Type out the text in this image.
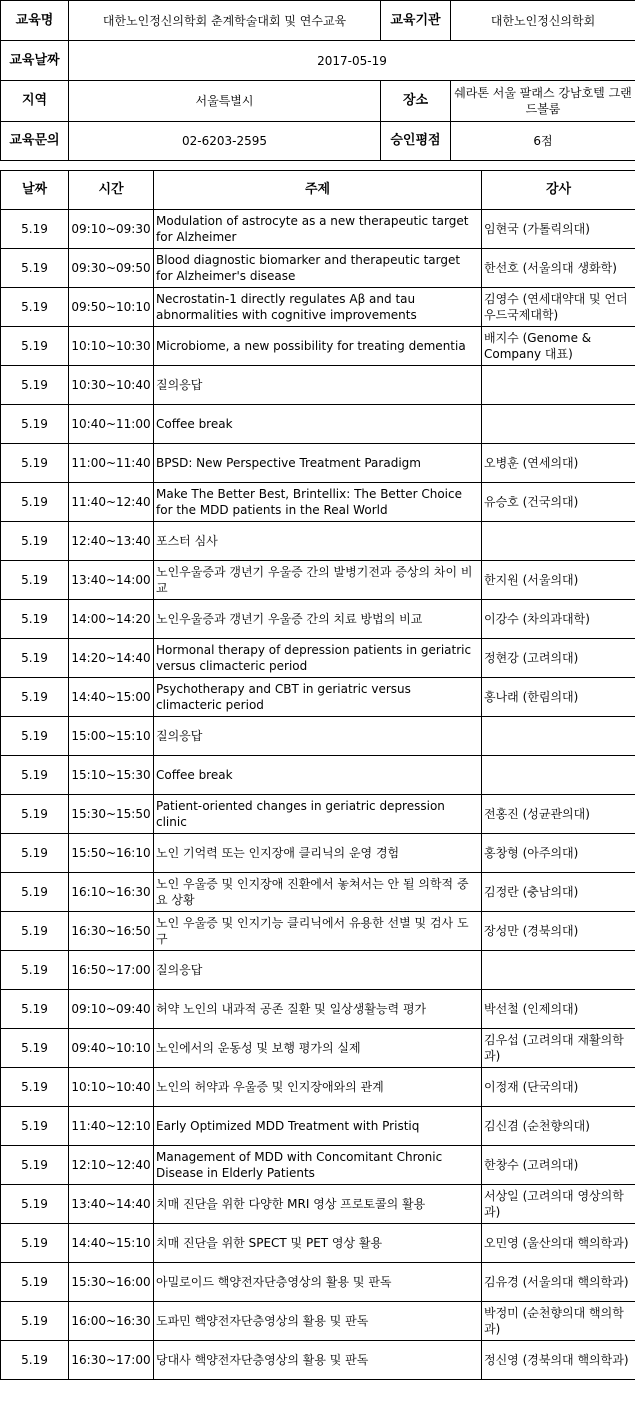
교육명	대한노인정신의학회 춘계학술대회 및 연수교육	교육기관	대한노인정신의학회
교육날짜	2017-05-19		
지역	서울특별시	장소	쉐라톤 서울 팔래스 강남호텔 그랜드볼룸
교육문의	02-6203-2595	승인평점	6점
날짜	시간	주제	강사
5.19	09:10~09:30	Modulation of astrocyte as a new therapeutic target for Alzheimer	임현국 (가톨릭의대)
5.19	09:30~09:50	Blood diagnostic biomarker and therapeutic target for Alzheimer's disease	한선호 (서울의대 생화학)
5.19	09:50~10:10	Necrostatin-1 directly regulates Aβ and tau abnormalities with cognitive improvements	김영수 (연세대약대 및 언더우드국제대학)
5.19	10:10~10:30	Microbiome, a new possibility for treating dementia	배지수 (Genome & Company 대표)
5.19	10:30~10:40	질의응답	
5.19	10:40~11:00	Coffee break	
5.19	11:00~11:40	BPSD: New Perspective Treatment Paradigm	오병훈 (연세의대)
5.19	11:40~12:40	Make The Better Best, Brintellix: The Better Choice for the MDD patients in the Real World	유승호 (건국의대)
5.19	12:40~13:40	포스터 심사	
5.19	13:40~14:00	노인우울증과 갱년기 우울증 간의 발병기전과 증상의 차이 비교	한지원 (서울의대)
5.19	14:00~14:20	노인우울증과 갱년기 우울증 간의 치료 방법의 비교	이강수 (차의과대학)
5.19	14:20~14:40	Hormonal therapy of depression patients in geriatric versus climacteric period	정현강 (고려의대)
5.19	14:40~15:00	Psychotherapy and CBT in geriatric versus climacteric period	홍나래 (한림의대)
5.19	15:00~15:10	질의응답	
5.19	15:10~15:30	Coffee break	
5.19	15:30~15:50	Patient-oriented changes in geriatric depression clinic	전홍진 (성균관의대)
5.19	15:50~16:10	노인 기억력 또는 인지장애 클리닉의 운영 경험	홍창형 (아주의대)
5.19	16:10~16:30	노인 우울증 및 인지장애 진환에서 놓쳐서는 안 될 의학적 중요 상황	김정란 (충남의대)
5.19	16:30~16:50	노인 우울증 및 인지기능 클리닉에서 유용한 선별 및 검사 도구	장성만 (경북의대)
5.19	16:50~17:00	질의응답	
5.19	09:10~09:40	허약 노인의 내과적 공존 질환 및 일상생활능력 평가	박선철 (인제의대)
5.19	09:40~10:10	노인에서의 운동성 및 보행 평가의 실제	김우섭 (고려의대 재활의학과)
5.19	10:10~10:40	노인의 허약과 우울증 및 인지장애와의 관계	이정재 (단국의대)
5.19	11:40~12:10	Early Optimized MDD Treatment with Pristiq	김신겸 (순천향의대)
5.19	12:10~12:40	Management of MDD with Concomitant Chronic Disease in Elderly Patients	한창수 (고려의대)
5.19	13:40~14:40	치매 진단을 위한 다양한 MRI 영상 프로토콜의 활용	서상일 (고려의대 영상의학과)
5.19	14:40~15:10	치매 진단을 위한 SPECT 및 PET 영상 활용	오민영 (울산의대 핵의학과)
5.19	15:30~16:00	아밀로이드 핵양전자단층영상의 활용 및 판독	김유경 (서울의대 핵의학과)
5.19	16:00~16:30	도파민 핵양전자단층영상의 활용 및 판독	박정미 (순천향의대 핵의학과)
5.19	16:30~17:00	당대사 핵양전자단층영상의 활용 및 판독	정신영 (경북의대 핵의학과)
